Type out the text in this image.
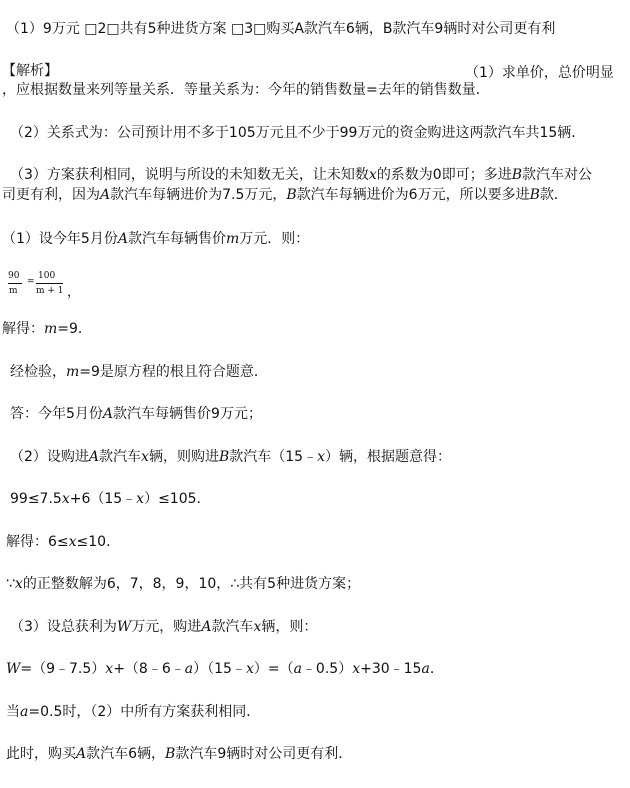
（1）9万元 □2□共有5种进货方案 □3□购买A款汽车6辆，B款汽车9辆时对公司更有利
【解析】	（1）求单价，总价明显
，应根据数量来列等量关系．等量关系为：今年的销售数量=去年的销售数量．
（2）关系式为：公司预计用不多于105万元且不少于99万元的资金购进这两款汽车共15辆．
（3）方案获利相同，说明与所设的未知数无关，让未知数x的系数为0即可；多进B款汽车对公
司更有利，因为A款汽车每辆进价为7.5万元，B款汽车每辆进价为6万元，所以要多进B款．
（1）设今年5月份A款汽车每辆售价m万元．则：
90
m
=
100
m + 1 ，
解得：m=9．
经检验，m=9是原方程的根且符合题意．
答：今年5月份A款汽车每辆售价9万元；
（2）设购进A款汽车x辆，则购进B款汽车（15﹣x）辆，根据题意得：
99≤7.5x+6（15﹣x）≤105．
解得：6≤x≤10．
∵x的正整数解为6，7，8，9，10，∴共有5种进货方案；
（3）设总获利为W万元，购进A款汽车x辆，则：
W=（9﹣7.5）x+（8﹣6﹣a）（15﹣x）=（a﹣0.5）x+30﹣15a．
当a=0.5时，（2）中所有方案获利相同．
此时，购买A款汽车6辆，B款汽车9辆时对公司更有利．
